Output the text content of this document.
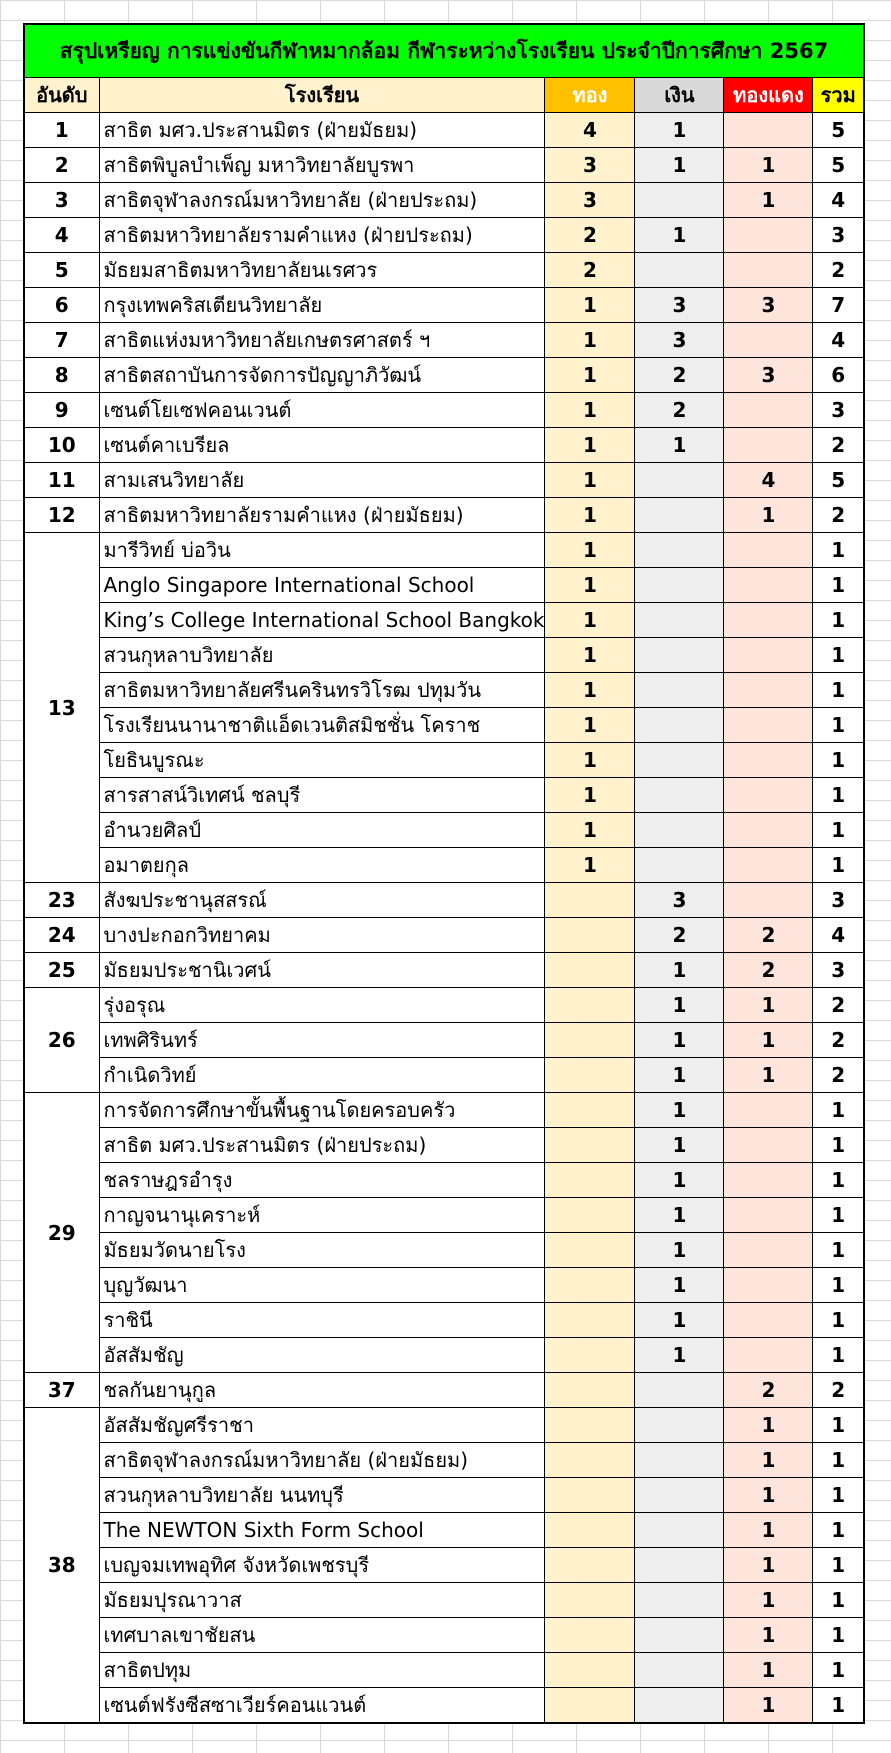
สรุปเหรียญ การแข่งขันกีฬาหมากล้อม กีฬาระหว่างโรงเรียน ประจำปีการศึกษา 2567					
อันดับ	โรงเรียน	ทอง	เงิน	ทองแดง	รวม
1	สาธิต มศว.ประสานมิตร (ฝ่ายมัธยม)	4	1		5
2	สาธิตพิบูลบำเพ็ญ มหาวิทยาลัยบูรพา	3	1	1	5
3	สาธิตจุฬาลงกรณ์มหาวิทยาลัย (ฝ่ายประถม)	3		1	4
4	สาธิตมหาวิทยาลัยรามคำแหง (ฝ่ายประถม)	2	1		3
5	มัธยมสาธิตมหาวิทยาลัยนเรศวร	2			2
6	กรุงเทพคริสเตียนวิทยาลัย	1	3	3	7
7	สาธิตแห่งมหาวิทยาลัยเกษตรศาสตร์ ฯ	1	3		4
8	สาธิตสถาบันการจัดการปัญญาภิวัฒน์	1	2	3	6
9	เซนต์โยเซฟคอนเวนต์	1	2		3
10	เซนต์คาเบรียล	1	1		2
11	สามเสนวิทยาลัย	1		4	5
12	สาธิตมหาวิทยาลัยรามคำแหง (ฝ่ายมัธยม)	1		1	2
13	มารีวิทย์ บ่อวิน	1			1
	Anglo Singapore International School	1			1
	King’s College International School Bangkok	1			1
	สวนกุหลาบวิทยาลัย	1			1
	สาธิตมหาวิทยาลัยศรีนครินทรวิโรฒ ปทุมวัน	1			1
	โรงเรียนนานาชาติแอ็ดเวนติสมิชชั่น โคราช	1			1
	โยธินบูรณะ	1			1
	สารสาสน์วิเทศน์ ชลบุรี	1			1
	อำนวยศิลป์	1			1
	อมาตยกุล	1			1
23	สังฆประชานุสสรณ์		3		3
24	บางปะกอกวิทยาคม		2	2	4
25	มัธยมประชานิเวศน์		1	2	3
26	รุ่งอรุณ		1	1	2
	เทพศิรินทร์		1	1	2
	กำเนิดวิทย์		1	1	2
29	การจัดการศึกษาขั้นพื้นฐานโดยครอบครัว		1		1
	สาธิต มศว.ประสานมิตร (ฝ่ายประถม)		1		1
	ชลราษฎรอำรุง		1		1
	กาญจนานุเคราะห์		1		1
	มัธยมวัดนายโรง		1		1
	บุญวัฒนา		1		1
	ราชินี		1		1
	อัสสัมชัญ		1		1
37	ชลกันยานุกูล			2	2
38	อัสสัมชัญศรีราชา			1	1
	สาธิตจุฬาลงกรณ์มหาวิทยาลัย (ฝ่ายมัธยม)			1	1
	สวนกุหลาบวิทยาลัย นนทบุรี			1	1
	The NEWTON Sixth Form School			1	1
	เบญจมเทพอุทิศ จังหวัดเพชรบุรี			1	1
	มัธยมปุรณาวาส			1	1
	เทศบาลเขาชัยสน			1	1
	สาธิตปทุม			1	1
	เซนต์ฟรังซีสซาเวียร์คอนแวนต์			1	1
